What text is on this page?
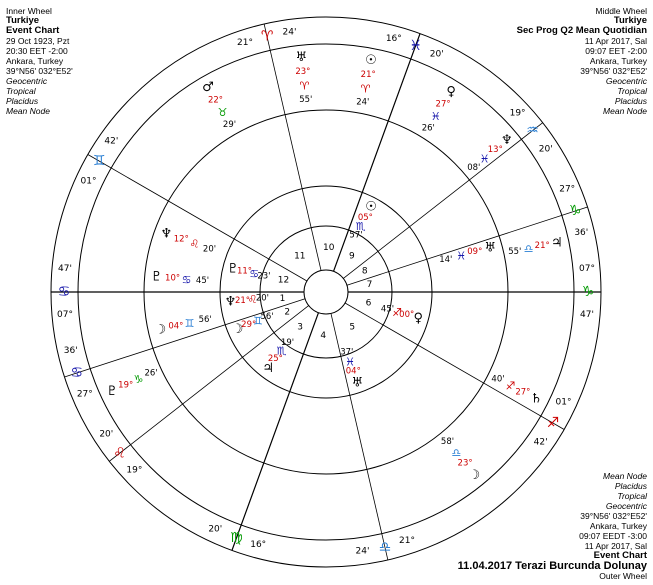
Inner Wheel
Turkiye
Event Chart
29 Oct 1923, Pzt
20:30 EET -2:00
Ankara, Turkey
39°N56' 032°E52'
Geocentric
Tropical
Placidus
Mean Node
Middle Wheel
Turkiye
Sec Prog Q2 Mean Quotidian
11 Apr 2017, Sal
09:07 EET -2:00
Ankara, Turkey
39°N56' 032°E52'
Geocentric
Tropical
Placidus
Mean Node
Mean Node
Placidus
Tropical
Geocentric
39°N56' 032°E52'
Ankara, Turkey
09:07 EEDT -3:00
11 Apr 2017, Sal
Event Chart
11.04.2017 Terazi Burcunda Dolunay
Outer Wheel
1
2
3
4
5
6
7
8
9
10
11
12
♋
07°
47'
♋
27°
36'
♌
19°
20'
♍ 16°
20'
♎ 21°
24'
♐
01°
42'
♑
07°
47'
♑
27°
36'
♒
19°
20'
♓
16°
20'
♈
21°
24'
♊
01°
42'
♆
21°
♌
20'
☽
29°
♊
56'
♃
25°
♏
19'
♅
04°
♓
37'
♀
00°
♐
45'
☉
05°
♏
57'
♇
11°
♋
23'
♇ 10° ♋ 45'
♆ 12° ♌ 20'
☽ 04° ♊ 56'
♅
09°
♓
14'
♃
21°
♎
55'
♄
27°
♐
40'
♅
23°
♈
55'
☉
21°
♈
24'
♀
27°
♓
26'
♂
22°
♉
29'
♆
13°
♓
08'
☽
23°
♎
58'
♇ 19° ♑ 26'
